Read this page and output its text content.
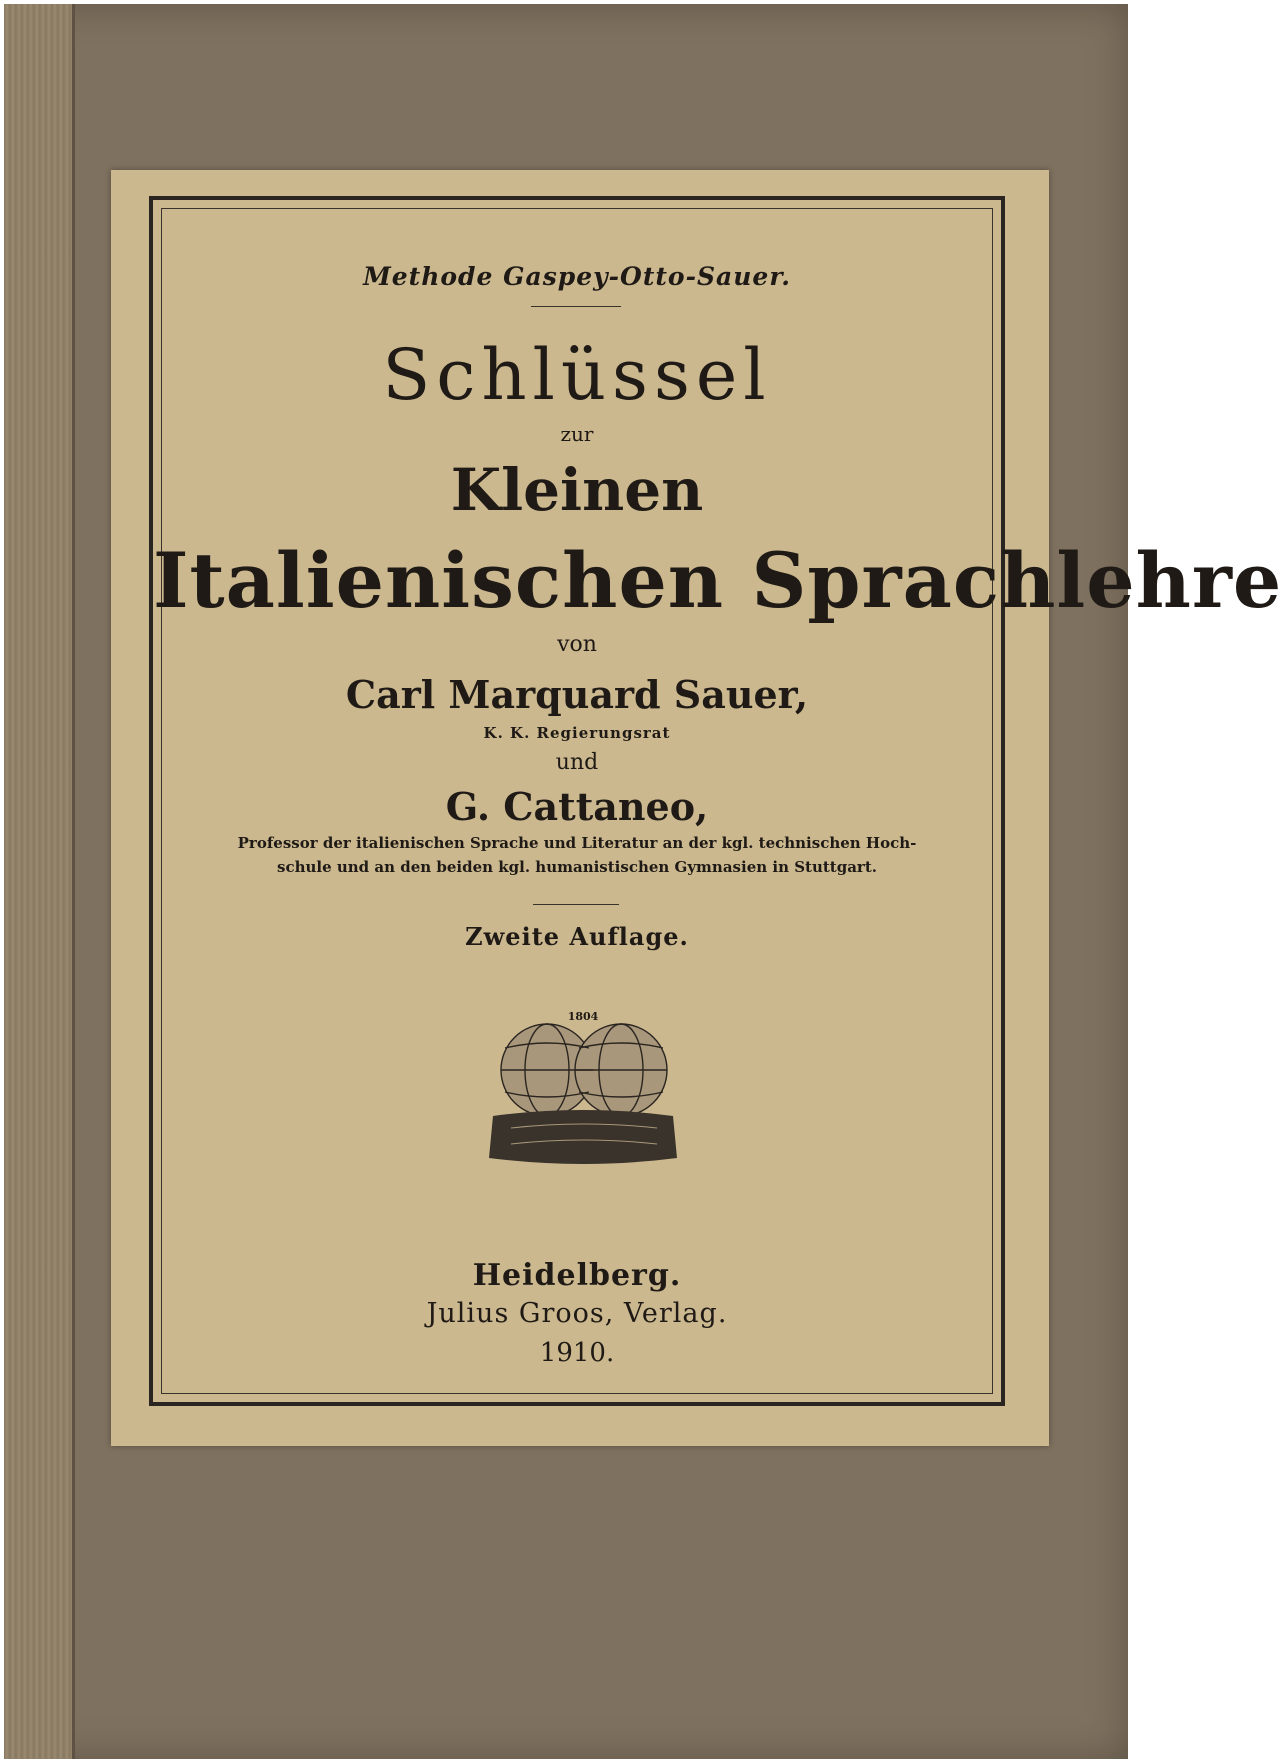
Methode Gaspey-Otto-Sauer.
Schlüssel
zur
Kleinen
Italienischen Sprachlehre
von
Carl Marquard Sauer,
K. K. Regierungsrat
und
G. Cattaneo,
Professor der italienischen Sprache und Literatur an der kgl. technischen Hoch-
schule und an den beiden kgl. humanistischen Gymnasien in Stuttgart.
Zweite Auflage.
1804
Heidelberg.
Julius Groos, Verlag.
1910.
